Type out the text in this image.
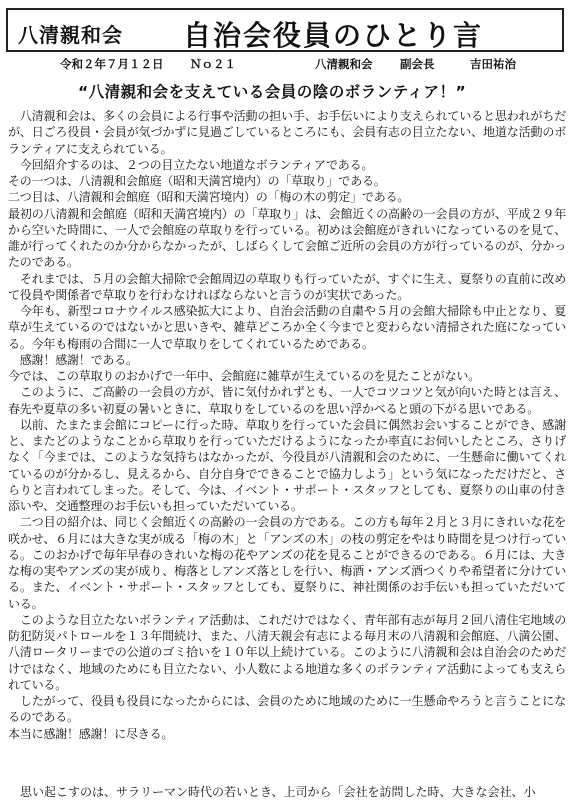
八清親和会 自治会役員のひとり言
令和２年７月１２日 Ｎｏ２１	八清親和会 副会長	吉田祐治
“八清親和会を支えている会員の陰のボランティア！”

　八清親和会は、多くの会員による行事や活動の担い手、お手伝いにより支えられていると思われがちだが、日ごろ役員・会員が気づかずに見過ごしているところにも、会員有志の目立たない、地道な活動のボランティアに支えられている。

　今回紹介するのは、２つの目立たない地道なボランティアである。

その一つは、八清親和会館庭（昭和天満宮境内）の「草取り」である。

二つ目は、八清親和会館庭（昭和天満宮境内）の「梅の木の剪定」である。

最初の八清親和会館庭（昭和天満宮境内）の「草取り」は、会館近くの高齢の一会員の方が、平成２９年から空いた時間に、一人で会館庭の草取りを行っている。初めは会館庭がきれいになっているのを見て、誰が行ってくれたのか分からなかったが、しばらくして会館ご近所の会員の方が行っているのが、分かったのである。

　それまでは、５月の会館大掃除で会館周辺の草取りも行っていたが、すぐに生え、夏祭りの直前に改めて役員や関係者で草取りを行わなければならないと言うのが実状であった。

　今年も、新型コロナウイルス感染拡大により、自治会活動の自粛や５月の会館大掃除も中止となり、夏草が生えているのではないかと思いきや、雑草どころか全く今までと変わらない清掃された庭になっている。今年も梅雨の合間に一人で草取りをしてくれているためである。

　感謝！感謝！である。

今では、この草取りのおかげで一年中、会館庭に雑草が生えているのを見たことがない。

　このように、ご高齢の一会員の方が、皆に気付かれずとも、一人でコツコツと気が向いた時とは言え、春先や夏草の多い初夏の暑いときに、草取りをしているのを思い浮かべると頭の下がる思いである。

　以前、たまたま会館にコピーに行った時、草取りを行っていた会員に偶然お会いすることができ、感謝と、またどのようなことから草取りを行っていただけるようになったか率直にお伺いしたところ、さりげなく「今までは、このような気持ちはなかったが、今役員が八清親和会のために、一生懸命に働いてくれているのが分かるし、見えるから、自分自身でできることで協力しよう」という気になっただけだと、さらりと言われてしまった。そして、今は、イベント・サポート・スタッフとしても、夏祭りの山車の付き添いや、交通整理のお手伝いも担っていただいている。

　二つ目の紹介は、同じく会館近くの高齢の一会員の方である。この方も毎年２月と３月にきれいな花を咲かせ、６月には大きな実が成る「梅の木」と「アンズの木」の枝の剪定をやはり時間を見つけ行っている。このおかげで毎年早春のきれいな梅の花やアンズの花を見ることができるのである。６月には、大きな梅の実やアンズの実が成り、梅落としアンズ落としを行い、梅酒・アンズ酒つくりや希望者に分けている。また、イベント・サポート・スタッフとしても、夏祭りに、神社関係のお手伝いも担っていただいている。

　このような目立たないボランティア活動は、これだけではなく、青年部有志が毎月２回八清住宅地域の防犯防災パトロールを１３年間続け、また、八清天親会有志による毎月末の八清親和会館庭、八満公園、八清ロータリーまでの公道のゴミ拾いを１０年以上続けている。このように八清親和会は自治会のためだけではなく、地域のためにも目立たない、小人数による地道な多くのボランティア活動によっても支えられている。

　したがって、役員も役員になったからには、会員のために地域のために一生懸命やろうと言うことになるのである。

本当に感謝！感謝！に尽きる。

　思い起こすのは、サラリーマン時代の若いとき、上司から「会社を訪問した時、大きな会社、小
